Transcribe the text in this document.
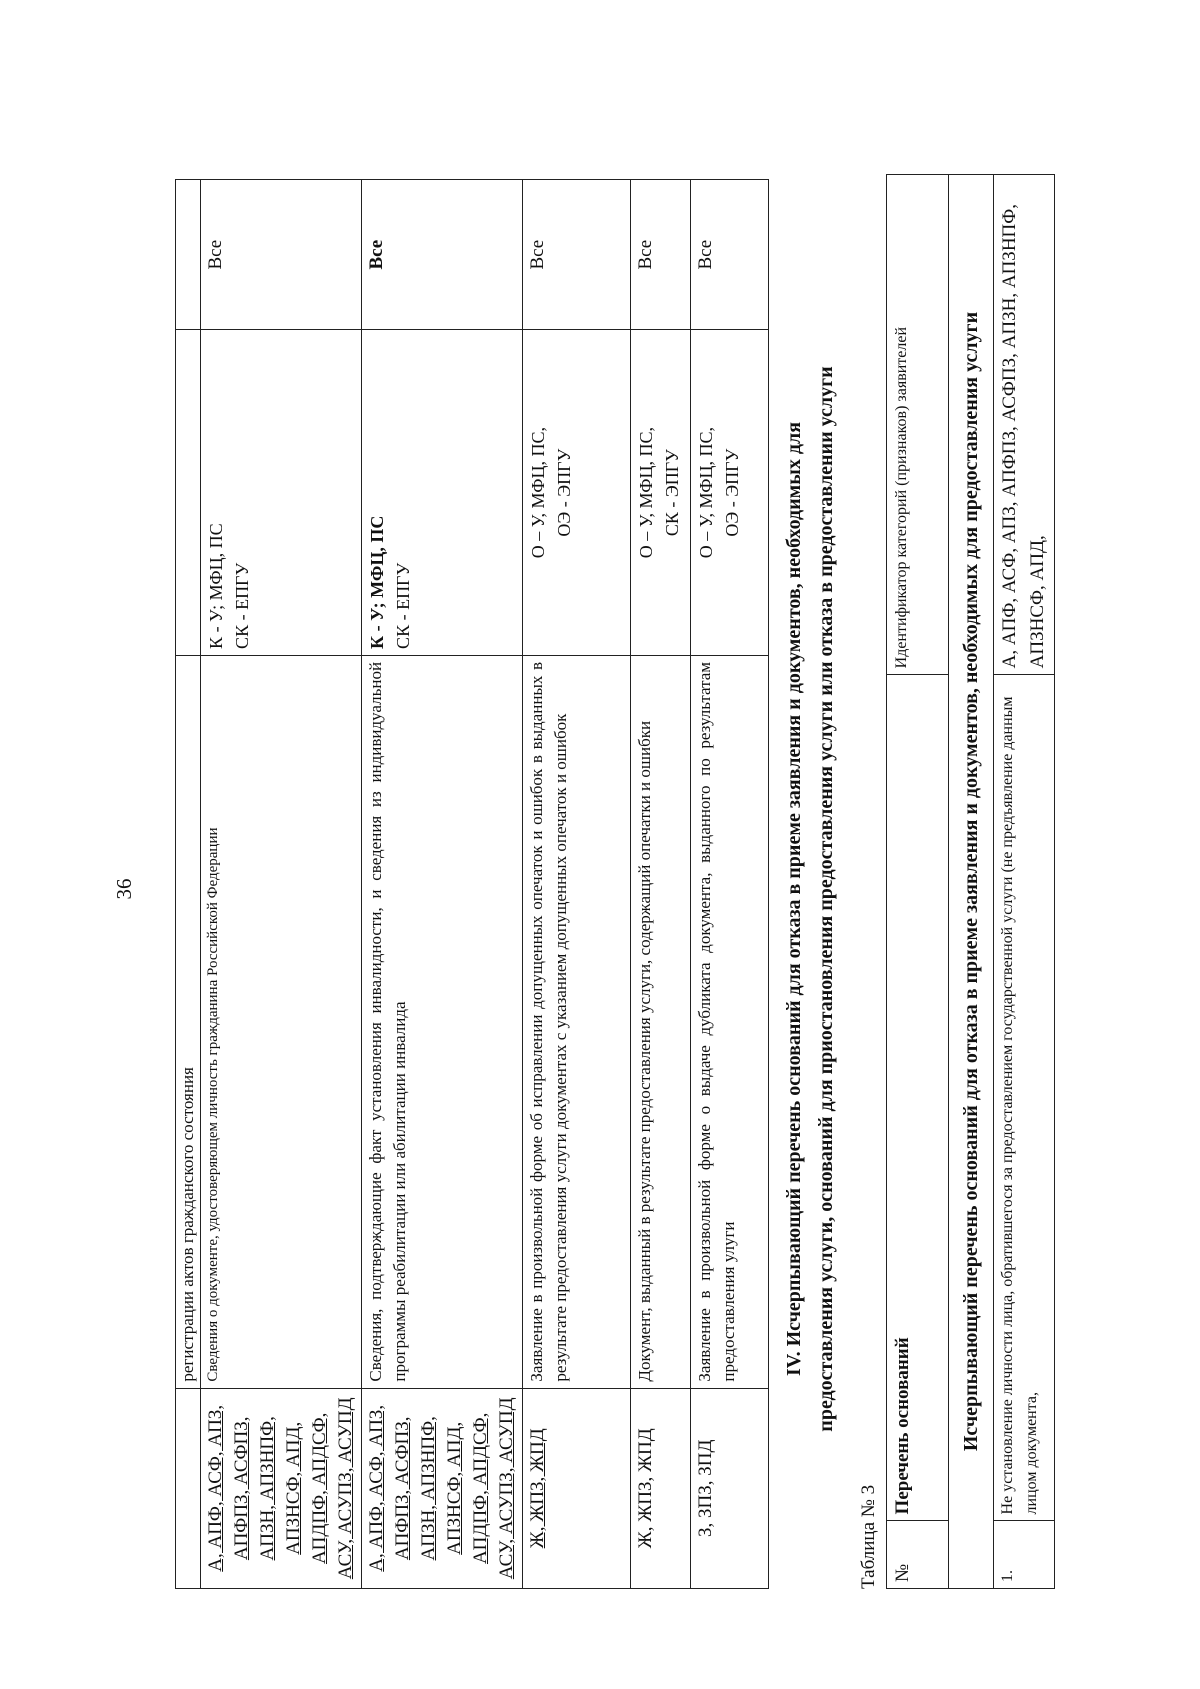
36
	регистрации актов гражданского состояния		
А, АПФ, АСФ, АПЗ, АПФПЗ, АСФПЗ, АПЗН, АПЗНПФ, АПЗНСФ, АПД, АПДПФ, АПДСФ, АСУ, АСУПЗ, АСУПД	Сведения о документе, удостоверяющем личность гражданина Российской Федерации	К - У; МФЦ, ПС СК - ЕПГУ	Все
А, АПФ, АСФ, АПЗ, АПФПЗ, АСФПЗ, АПЗН, АПЗНПФ, АПЗНСФ, АПД, АПДПФ, АПДСФ, АСУ, АСУПЗ, АСУПД	Сведения, подтверждающие факт установления инвалидности, и сведения из индивидуальной программы реабилитации или абилитации инвалида	К - У; МФЦ, ПС СК - ЕПГУ	Все
Ж, ЖПЗ, ЖПД	Заявление в произвольной форме об исправлении допущенных опечаток и ошибок в выданных в результате предоставления услуги документах с указанием допущенных опечаток и ошибок	О – У, МФЦ, ПС, ОЭ - ЭПГУ	Все
Ж, ЖПЗ, ЖПД	Документ, выданный в результате предоставления услуги, содержащий опечатки и ошибки	О – У, МФЦ, ПС, СК - ЭПГУ	Все
З, ЗПЗ, ЗПД	Заявление в произвольной форме о выдаче дубликата документа, выданного по результатам предоставления улуги	О – У, МФЦ, ПС, ОЭ - ЭПГУ	Все
IV. Исчерпывающий перечень оснований для отказа в приеме заявления и документов, необходимых для предоставления услуги, оснований для приостановления предоставления услуги или отказа в предоставлении услуги
Таблица № 3 №	Перечень оснований	Идентификатор категорий (признаков) заявителей
Исчерпывающий перечень оснований для отказа в приеме заявления и документов, необходимых для предоставления услуги		
1.	Не установление личности лица, обратившегося за предоставлением государственной услуги (не предъявление данным лицом документа,	А, АПФ, АСФ, АПЗ, АПФПЗ, АСФПЗ, АПЗН, АПЗНПФ, АПЗНСФ, АПД,
